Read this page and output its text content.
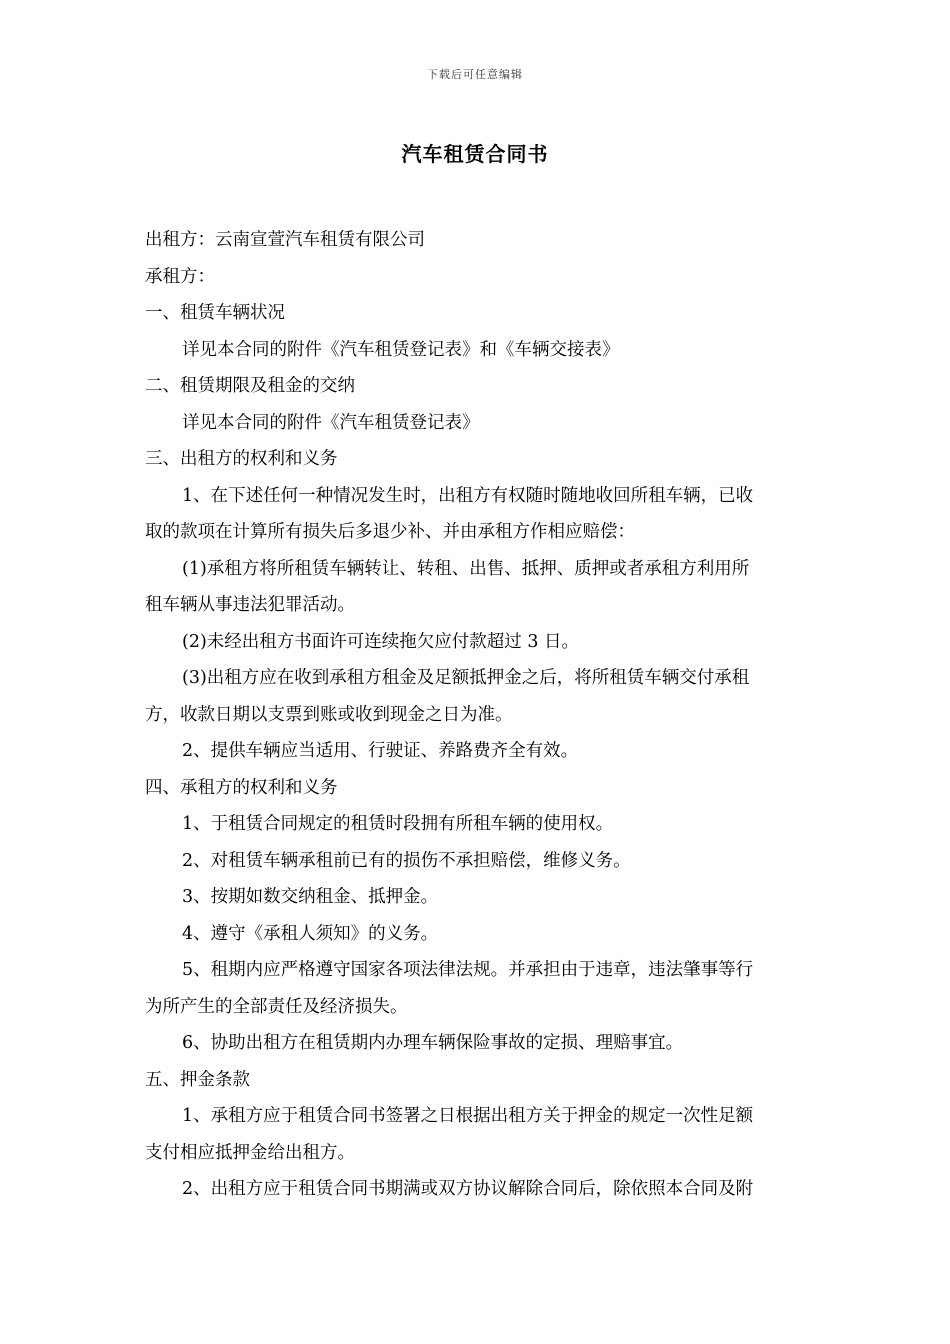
下载后可任意编辑
汽车租赁合同书
出租方：云南宣萱汽车租赁有限公司
承租方：
一、租赁车辆状况
详见本合同的附件《汽车租赁登记表》和《车辆交接表》
二、租赁期限及租金的交纳
详见本合同的附件《汽车租赁登记表》
三、出租方的权利和义务
1、在下述任何一种情况发生时，出租方有权随时随地收回所租车辆，已收
取的款项在计算所有损失后多退少补、并由承租方作相应赔偿：
(1)承租方将所租赁车辆转让、转租、出售、抵押、质押或者承租方利用所
租车辆从事违法犯罪活动。
(2)未经出租方书面许可连续拖欠应付款超过 3 日。
(3)出租方应在收到承租方租金及足额抵押金之后，将所租赁车辆交付承租
方，收款日期以支票到账或收到现金之日为准。
2、提供车辆应当适用、行驶证、养路费齐全有效。
四、承租方的权利和义务
1、于租赁合同规定的租赁时段拥有所租车辆的使用权。
2、对租赁车辆承租前已有的损伤不承担赔偿，维修义务。
3、按期如数交纳租金、抵押金。
4、遵守《承租人须知》的义务。
5、租期内应严格遵守国家各项法律法规。并承担由于违章，违法肇事等行
为所产生的全部责任及经济损失。
6、协助出租方在租赁期内办理车辆保险事故的定损、理赔事宜。
五、押金条款
1、承租方应于租赁合同书签署之日根据出租方关于押金的规定一次性足额
支付相应抵押金给出租方。
2、出租方应于租赁合同书期满或双方协议解除合同后，除依照本合同及附
